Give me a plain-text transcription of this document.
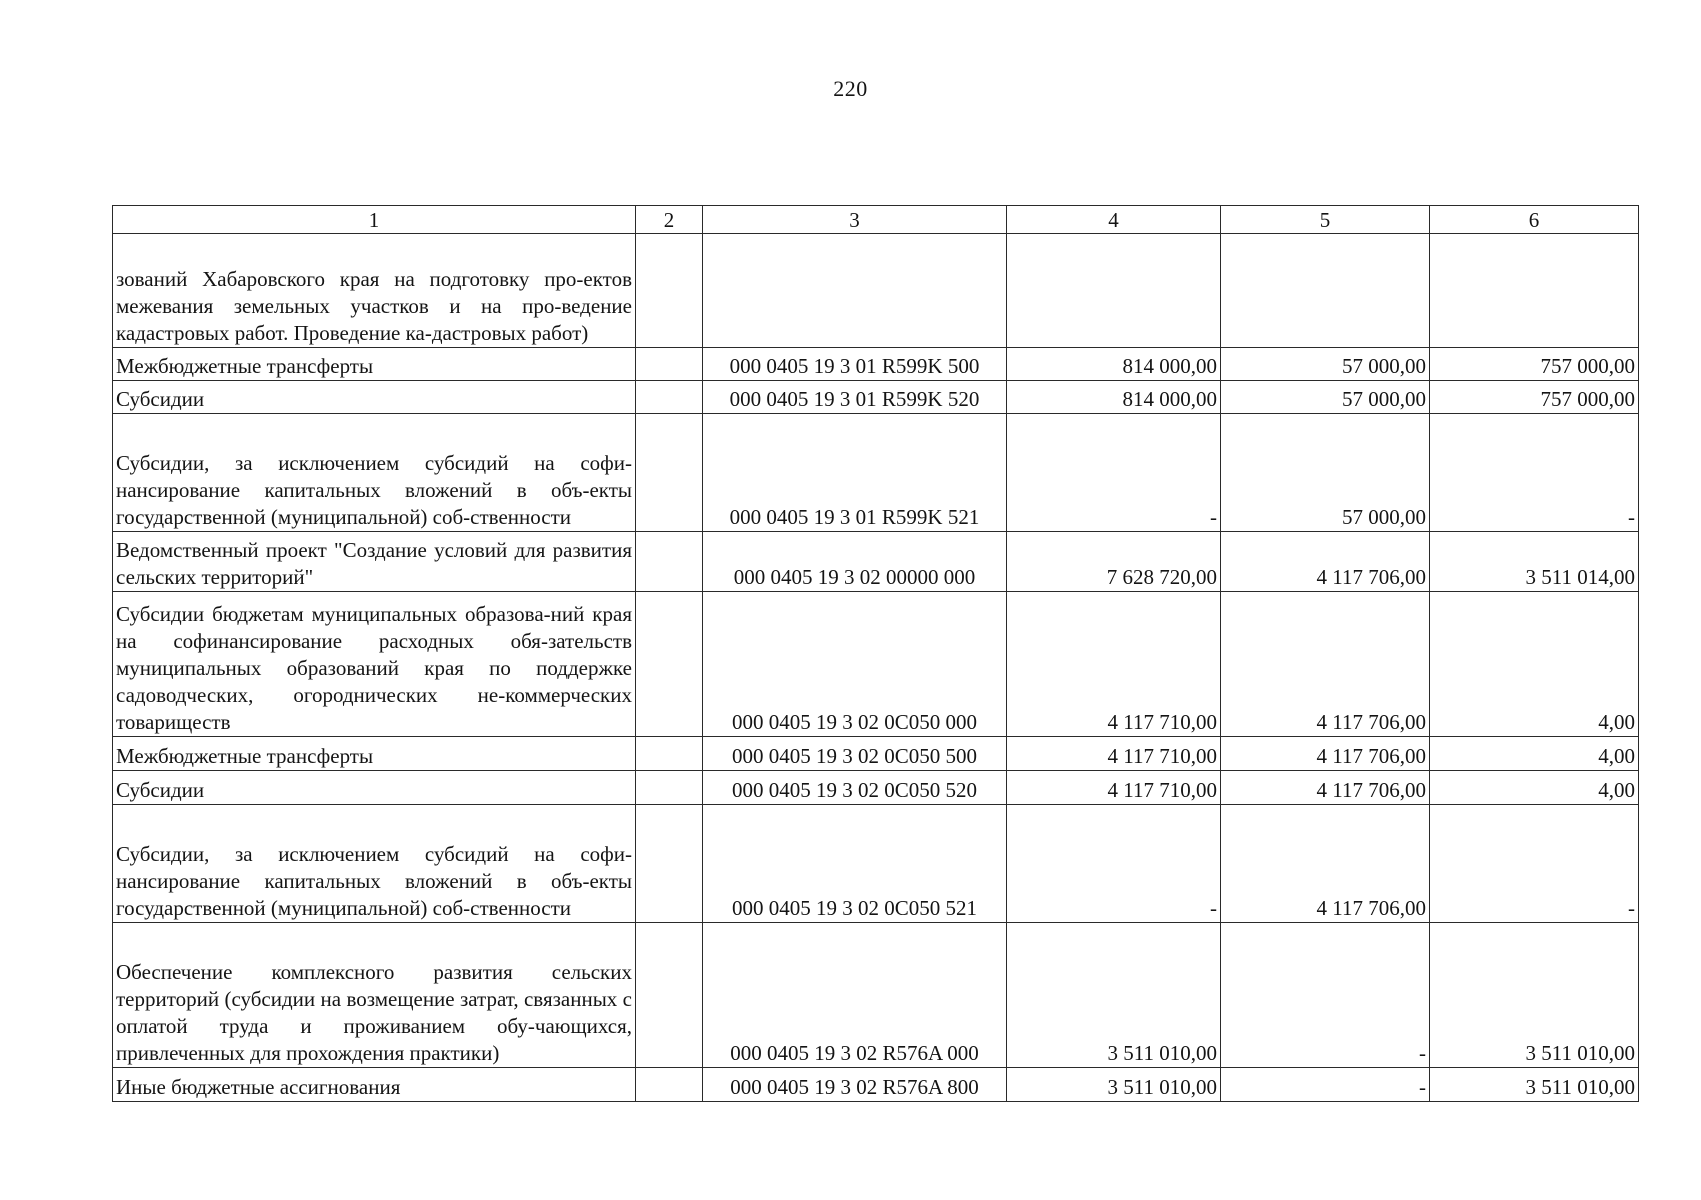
220
1	2	3	4	5	6
зований Хабаровского края на подготовку про-ектов межевания земельных участков и на про-ведение кадастровых работ. Проведение ка-дастровых работ)					
Межбюджетные трансферты		000 0405 19 3 01 R599K 500	814 000,00	57 000,00	757 000,00
Субсидии		000 0405 19 3 01 R599K 520	814 000,00	57 000,00	757 000,00
Субсидии, за исключением субсидий на софи-нансирование капитальных вложений в объ-екты государственной (муниципальной) соб-ственности		000 0405 19 3 01 R599K 521	-	57 000,00	-
Ведомственный проект "Создание условий для развития сельских территорий"		000 0405 19 3 02 00000 000	7 628 720,00	4 117 706,00	3 511 014,00
Субсидии бюджетам муниципальных образова-ний края на софинансирование расходных обя-зательств муниципальных образований края по поддержке садоводческих, огороднических не-коммерческих товариществ		000 0405 19 3 02 0C050 000	4 117 710,00	4 117 706,00	4,00
Межбюджетные трансферты		000 0405 19 3 02 0C050 500	4 117 710,00	4 117 706,00	4,00
Субсидии		000 0405 19 3 02 0C050 520	4 117 710,00	4 117 706,00	4,00
Субсидии, за исключением субсидий на софи-нансирование капитальных вложений в объ-екты государственной (муниципальной) соб-ственности		000 0405 19 3 02 0C050 521	-	4 117 706,00	-
Обеспечение комплексного развития сельских территорий (субсидии на возмещение затрат, связанных с оплатой труда и проживанием обу-чающихся, привлеченных для прохождения практики)		000 0405 19 3 02 R576A 000	3 511 010,00	-	3 511 010,00
Иные бюджетные ассигнования		000 0405 19 3 02 R576A 800	3 511 010,00	-	3 511 010,00
